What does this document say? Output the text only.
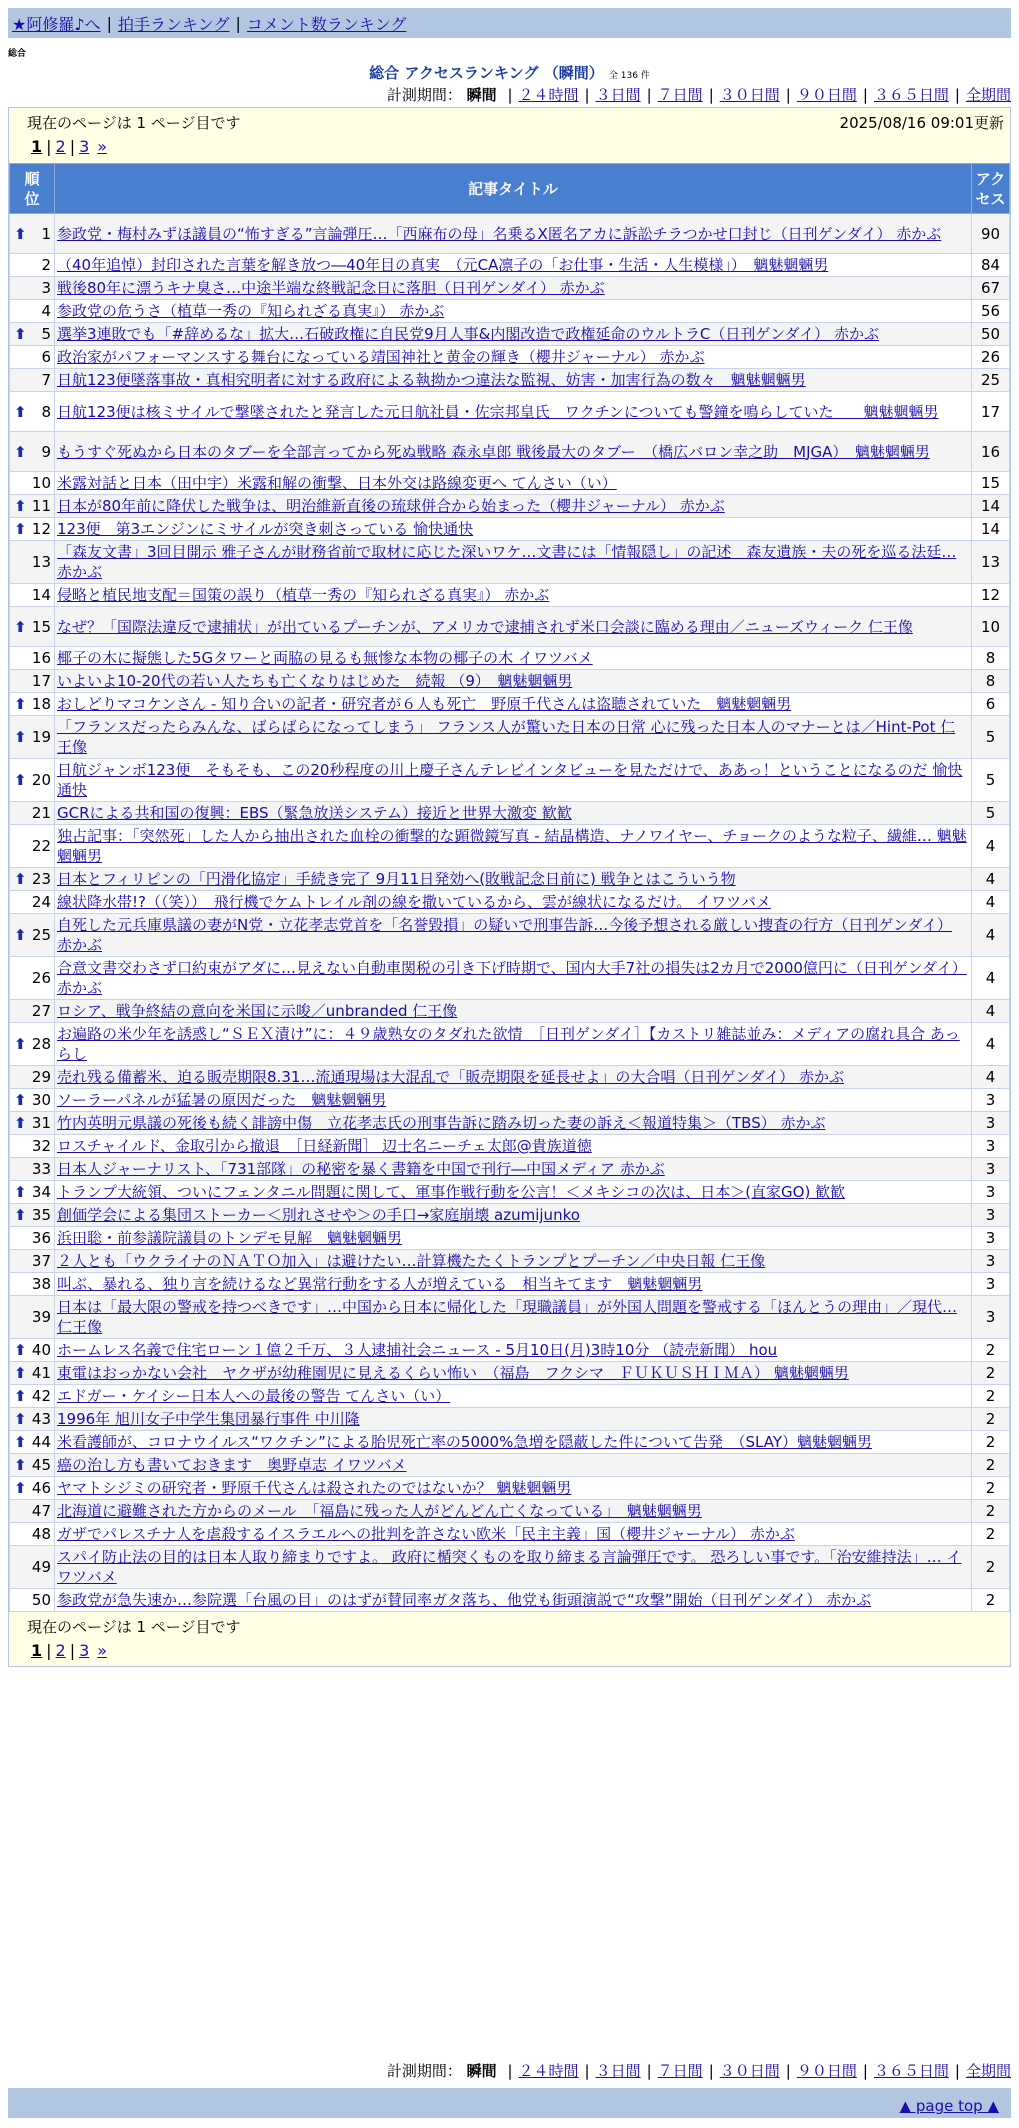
★阿修羅♪へ | 拍手ランキング | コメント数ランキング
総合
総合 アクセスランキング （瞬間） 全 136 件
計測期間： 瞬間 | ２４時間 | ３日間 | ７日間 | ３０日間 | ９０日間 | ３６５日間 | 全期間
現在のページは 1 ページ目です	2025/08/16 09:01更新
1 | 2 | 3 »
順位	記事タイトル	アクセス

⬆ 1	参政党・梅村みずほ議員の“怖すぎる”言論弾圧…「西麻布の母」名乗るX匿名アカに訴訟チラつかせ口封じ（日刊ゲンダイ） 赤かぶ	90
2	（40年追悼）封印された言葉を解き放つ―40年目の真実　（元CA凛子の「お仕事・生活・人生模様」）　魑魅魍魎男	84
3	戦後80年に漂うキナ臭さ…中途半端な終戦記念日に落胆（日刊ゲンダイ） 赤かぶ	67
4	参政党の危うさ（植草一秀の『知られざる真実』） 赤かぶ	56

⬆ 5	選挙3連敗でも「#辞めるな」拡大…石破政権に自民党9月人事&内閣改造で政権延命のウルトラC（日刊ゲンダイ） 赤かぶ	50
6	政治家がパフォーマンスする舞台になっている靖国神社と黄金の輝き（櫻井ジャーナル） 赤かぶ	26
7	日航123便墜落事故・真相究明者に対する政府による執拗かつ違法な監視、妨害・加害行為の数々　魑魅魍魎男	25

⬆ 8	日航123便は核ミサイルで撃墜されたと発言した元日航社員・佐宗邦皇氏　ワクチンについても警鐘を鳴らしていた　　魑魅魍魎男	17

⬆ 9	もうすぐ死ぬから日本のタブーを全部言ってから死ぬ戦略 森永卓郎 戦後最大のタブー　（橋広バロン幸之助　MJGA）　魑魅魍魎男	16
10	米露対話と日本（田中宇）米露和解の衝撃、日本外交は路線変更へ てんさい（い）	15

⬆ 11	日本が80年前に降伏した戦争は、明治維新直後の琉球併合から始まった（櫻井ジャーナル） 赤かぶ	14

⬆ 12	123便　第3エンジンにミサイルが突き刺さっている 愉快通快	14
13	「森友文書」3回目開示 雅子さんが財務省前で取材に応じた深いワケ…文書には「情報隠し」の記述　森友遺族・夫の死を巡る法廷… 赤かぶ	13
14	侵略と植民地支配＝国策の誤り（植草一秀の『知られざる真実』） 赤かぶ	12

⬆ 15	なぜ？「国際法違反で逮捕状」が出ているプーチンが、アメリカで逮捕されず米口会談に臨める理由／ニューズウィーク 仁王像	10
16	椰子の木に擬態した5Gタワーと両脇の見るも無惨な本物の椰子の木 イワツバメ	8
17	いよいよ10-20代の若い人たちも亡くなりはじめた　続報 （9）　魑魅魍魎男	8

⬆ 18	おしどりマコケンさん - 知り合いの記者・研究者が６人も死亡　野原千代さんは盗聴されていた　魑魅魍魎男	6

⬆ 19	「フランスだったらみんな、ばらばらになってしまう」 フランス人が驚いた日本の日常 心に残った日本人のマナーとは／Hint-Pot 仁王像	5

⬆ 20	日航ジャンボ123便　そもそも、この20秒程度の川上慶子さんテレビインタビューを見ただけで、ああっ！ということになるのだ 愉快通快	5
21	GCRによる共和国の復興：EBS（緊急放送システム）接近と世界大激変 歓歓	5
22	独占記事：「突然死」した人から抽出された血栓の衝撃的な顕微鏡写真 - 結晶構造、ナノワイヤー、チョークのような粒子、繊維… 魑魅魍魎男	4

⬆ 23	日本とフィリピンの「円滑化協定」手続き完了 9月11日発効へ(敗戦記念日前に) 戦争とはこういう物	4
24	線状降水帯!?（（笑））　飛行機でケムトレイル剤の線を撒いているから、雲が線状になるだけ。 イワツバメ	4

⬆ 25	自死した元兵庫県議の妻がN党・立花孝志党首を「名誉毀損」の疑いで刑事告訴…今後予想される厳しい捜査の行方（日刊ゲンダイ） 赤かぶ	4
26	合意文書交わさず口約束がアダに…見えない自動車関税の引き下げ時期で、国内大手7社の損失は2カ月で2000億円に（日刊ゲンダイ） 赤かぶ	4
27	ロシア、戦争終結の意向を米国に示唆／unbranded 仁王像	4

⬆ 28	お遍路の米少年を誘惑し“ＳＥＸ漬け”に：４９歳熟女のタダれた欲情　［日刊ゲンダイ］【カストリ雑誌並み：メディアの腐れ具合 あっらし	4
29	売れ残る備蓄米、迫る販売期限8.31…流通現場は大混乱で「販売期限を延長せよ」の大合唱（日刊ゲンダイ） 赤かぶ	4

⬆ 30	ソーラーパネルが猛暑の原因だった　魑魅魍魎男	3

⬆ 31	竹内英明元県議の死後も続く誹謗中傷　立花孝志氏の刑事告訴に踏み切った妻の訴え＜報道特集＞（TBS） 赤かぶ	3
32	ロスチャイルド、金取引から撤退　［日経新聞］ 辺士名ニーチェ太郎@貴族道徳	3
33	日本人ジャーナリスト、「731部隊」の秘密を暴く書籍を中国で刊行―中国メディア 赤かぶ	3

⬆ 34	トランプ大統領、ついにフェンタニル問題に関して、軍事作戦行動を公言！＜メキシコの次は、日本＞(直家GO) 歓歓	3

⬆ 35	創価学会による集団ストーカー＜別れさせや＞の手口→家庭崩壊 azumijunko	3
36	浜田聡・前参議院議員のトンデモ見解　魑魅魍魎男	3
37	２人とも「ウクライナのＮＡＴＯ加入」は避けたい…計算機たたくトランプとプーチン／中央日報 仁王像	3
38	叫ぶ、暴れる、独り言を続けるなど異常行動をする人が増えている　相当キてます　魑魅魍魎男	3
39	日本は「最大限の警戒を持つべきです」…中国から日本に帰化した「現職議員」が外国人問題を警戒する「ほんとうの理由」／現代… 仁王像	3

⬆ 40	ホームレス名義で住宅ローン１億２千万、３人逮捕社会ニュース - 5月10日(月)3時10分 （読売新聞） hou	2

⬆ 41	東電はおっかない会社　ヤクザが幼稚園児に見えるくらい怖い　（福島　フクシマ　ＦＵＫＵＳＨＩＭＡ） 魑魅魍魎男	2

⬆ 42	エドガー・ケイシー日本人への最後の警告 てんさい（い）	2

⬆ 43	1996年 旭川女子中学生集団暴行事件 中川隆	2

⬆ 44	米看護師が、コロナウイルス“ワクチン”による胎児死亡率の5000%急増を隠蔽した件について告発　（SLAY）魑魅魍魎男	2

⬆ 45	癌の治し方も書いておきます　奥野卓志 イワツバメ	2

⬆ 46	ヤマトシジミの研究者・野原千代さんは殺されたのではないか？ 魑魅魍魎男	2
47	北海道に避難された方からのメール　「福島に残った人がどんどん亡くなっている」　魑魅魍魎男	2
48	ガザでパレスチナ人を虐殺するイスラエルへの批判を許さない欧米「民主主義」国（櫻井ジャーナル） 赤かぶ	2
49	スパイ防止法の目的は日本人取り締まりですよ。 政府に楯突くものを取り締まる言論弾圧です。 恐ろしい事です。「治安維持法」… イワツバメ	2
50	参政党が急失速か…参院選「台風の目」のはずが賛同率ガタ落ち、他党も街頭演説で“攻撃”開始（日刊ゲンダイ） 赤かぶ	2
現在のページは 1 ページ目です
1 | 2 | 3 »
計測期間： 瞬間 | ２４時間 | ３日間 | ７日間 | ３０日間 | ９０日間 | ３６５日間 | 全期間
▲ page top ▲
